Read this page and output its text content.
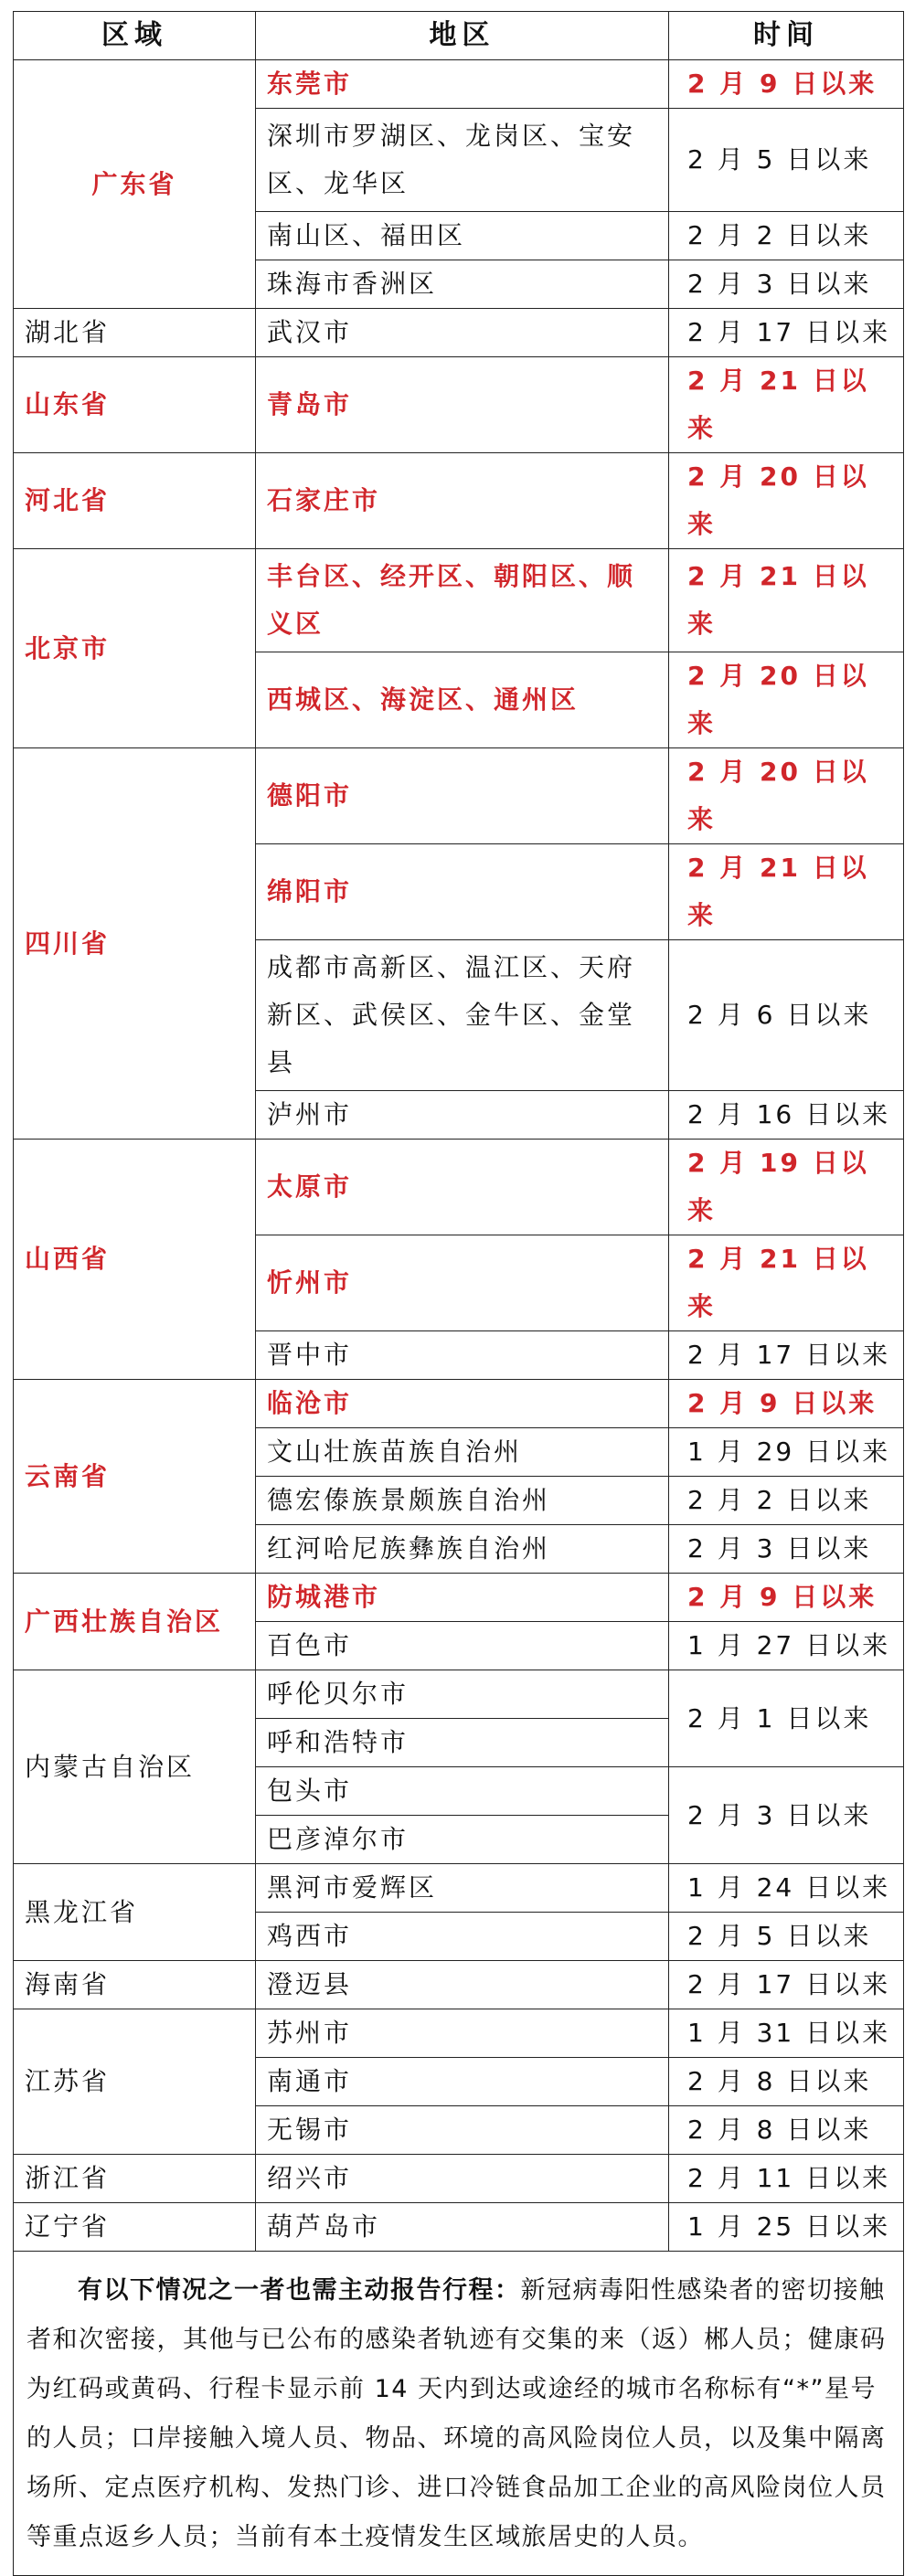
区域	地区	时间
广东省	东莞市	2 月 9 日以来
	深圳市罗湖区、龙岗区、宝安区、龙华区	2 月 5 日以来
	南山区、福田区	2 月 2 日以来
	珠海市香洲区	2 月 3 日以来
湖北省	武汉市	2 月 17 日以来
山东省	青岛市	2 月 21 日以来
河北省	石家庄市	2 月 20 日以来
北京市	丰台区、经开区、朝阳区、顺义区	2 月 21 日以来
	西城区、海淀区、通州区	2 月 20 日以来
四川省	德阳市	2 月 20 日以来
	绵阳市	2 月 21 日以来
	成都市高新区、温江区、天府新区、武侯区、金牛区、金堂县	2 月 6 日以来
	泸州市	2 月 16 日以来
山西省	太原市	2 月 19 日以来
	忻州市	2 月 21 日以来
	晋中市	2 月 17 日以来
云南省	临沧市	2 月 9 日以来
	文山壮族苗族自治州	1 月 29 日以来
	德宏傣族景颇族自治州	2 月 2 日以来
	红河哈尼族彝族自治州	2 月 3 日以来
广西壮族自治区	防城港市	2 月 9 日以来
	百色市	1 月 27 日以来
内蒙古自治区	呼伦贝尔市	2 月 1 日以来
	呼和浩特市	
	包头市	2 月 3 日以来
	巴彦淖尔市	
黑龙江省	黑河市爱辉区	1 月 24 日以来
	鸡西市	2 月 5 日以来
海南省	澄迈县	2 月 17 日以来
江苏省	苏州市	1 月 31 日以来
	南通市	2 月 8 日以来
	无锡市	2 月 8 日以来
浙江省	绍兴市	2 月 11 日以来
辽宁省	葫芦岛市	1 月 25 日以来
有以下情况之一者也需主动报告行程：新冠病毒阳性感染者的密切接触者和次密接，其他与已公布的感染者轨迹有交集的来（返）郴人员；健康码为红码或黄码、行程卡显示前 14 天内到达或途经的城市名称标有“*”星号的人员；口岸接触入境人员、物品、环境的高风险岗位人员，以及集中隔离场所、定点医疗机构、发热门诊、进口冷链食品加工企业的高风险岗位人员等重点返乡人员；当前有本土疫情发生区域旅居史的人员。		
